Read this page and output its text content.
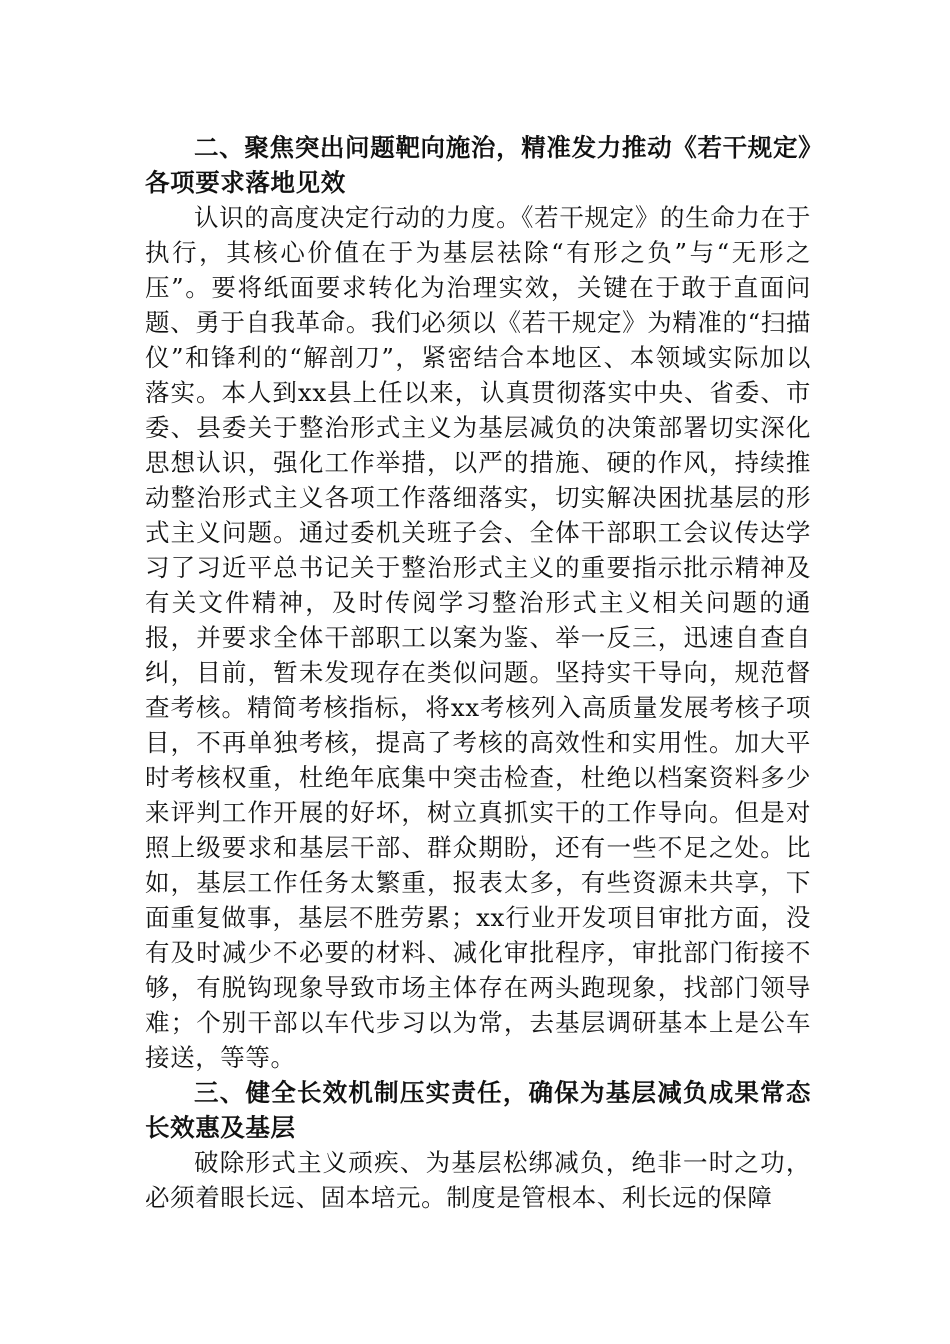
二、聚焦突出问题靶向施治，精准发力推动《若干规定》各项要求落地见效

认识的高度决定行动的力度。《若干规定》的生命力在于执行，其核心价值在于为基层祛除“有形之负”与“无形之压”。要将纸面要求转化为治理实效，关键在于敢于直面问题、勇于自我革命。我们必须以《若干规定》为精准的“扫描仪”和锋利的“解剖刀”，紧密结合本地区、本领域实际加以落实。本人到xx县上任以来，认真贯彻落实中央、省委、市委、县委关于整治形式主义为基层减负的决策部署切实深化思想认识，强化工作举措，以严的措施、硬的作风，持续推动整治形式主义各项工作落细落实，切实解决困扰基层的形式主义问题。通过委机关班子会、全体干部职工会议传达学习了习近平总书记关于整治形式主义的重要指示批示精神及有关文件精神，及时传阅学习整治形式主义相关问题的通报，并要求全体干部职工以案为鉴、举一反三，迅速自查自纠，目前，暂未发现存在类似问题。坚持实干导向，规范督查考核。精简考核指标，将xx考核列入高质量发展考核子项目，不再单独考核，提高了考核的高效性和实用性。加大平时考核权重，杜绝年底集中突击检查，杜绝以档案资料多少来评判工作开展的好坏，树立真抓实干的工作导向。但是对照上级要求和基层干部、群众期盼，还有一些不足之处。比如，基层工作任务太繁重，报表太多，有些资源未共享，下面重复做事，基层不胜劳累；xx行业开发项目审批方面，没有及时减少不必要的材料、减化审批程序，审批部门衔接不够，有脱钩现象导致市场主体存在两头跑现象，找部门领导难；个别干部以车代步习以为常，去基层调研基本上是公车接送，等等。

三、健全长效机制压实责任，确保为基层减负成果常态长效惠及基层

破除形式主义顽疾、为基层松绑减负，绝非一时之功，必须着眼长远、固本培元。制度是管根本、利长远的保障
